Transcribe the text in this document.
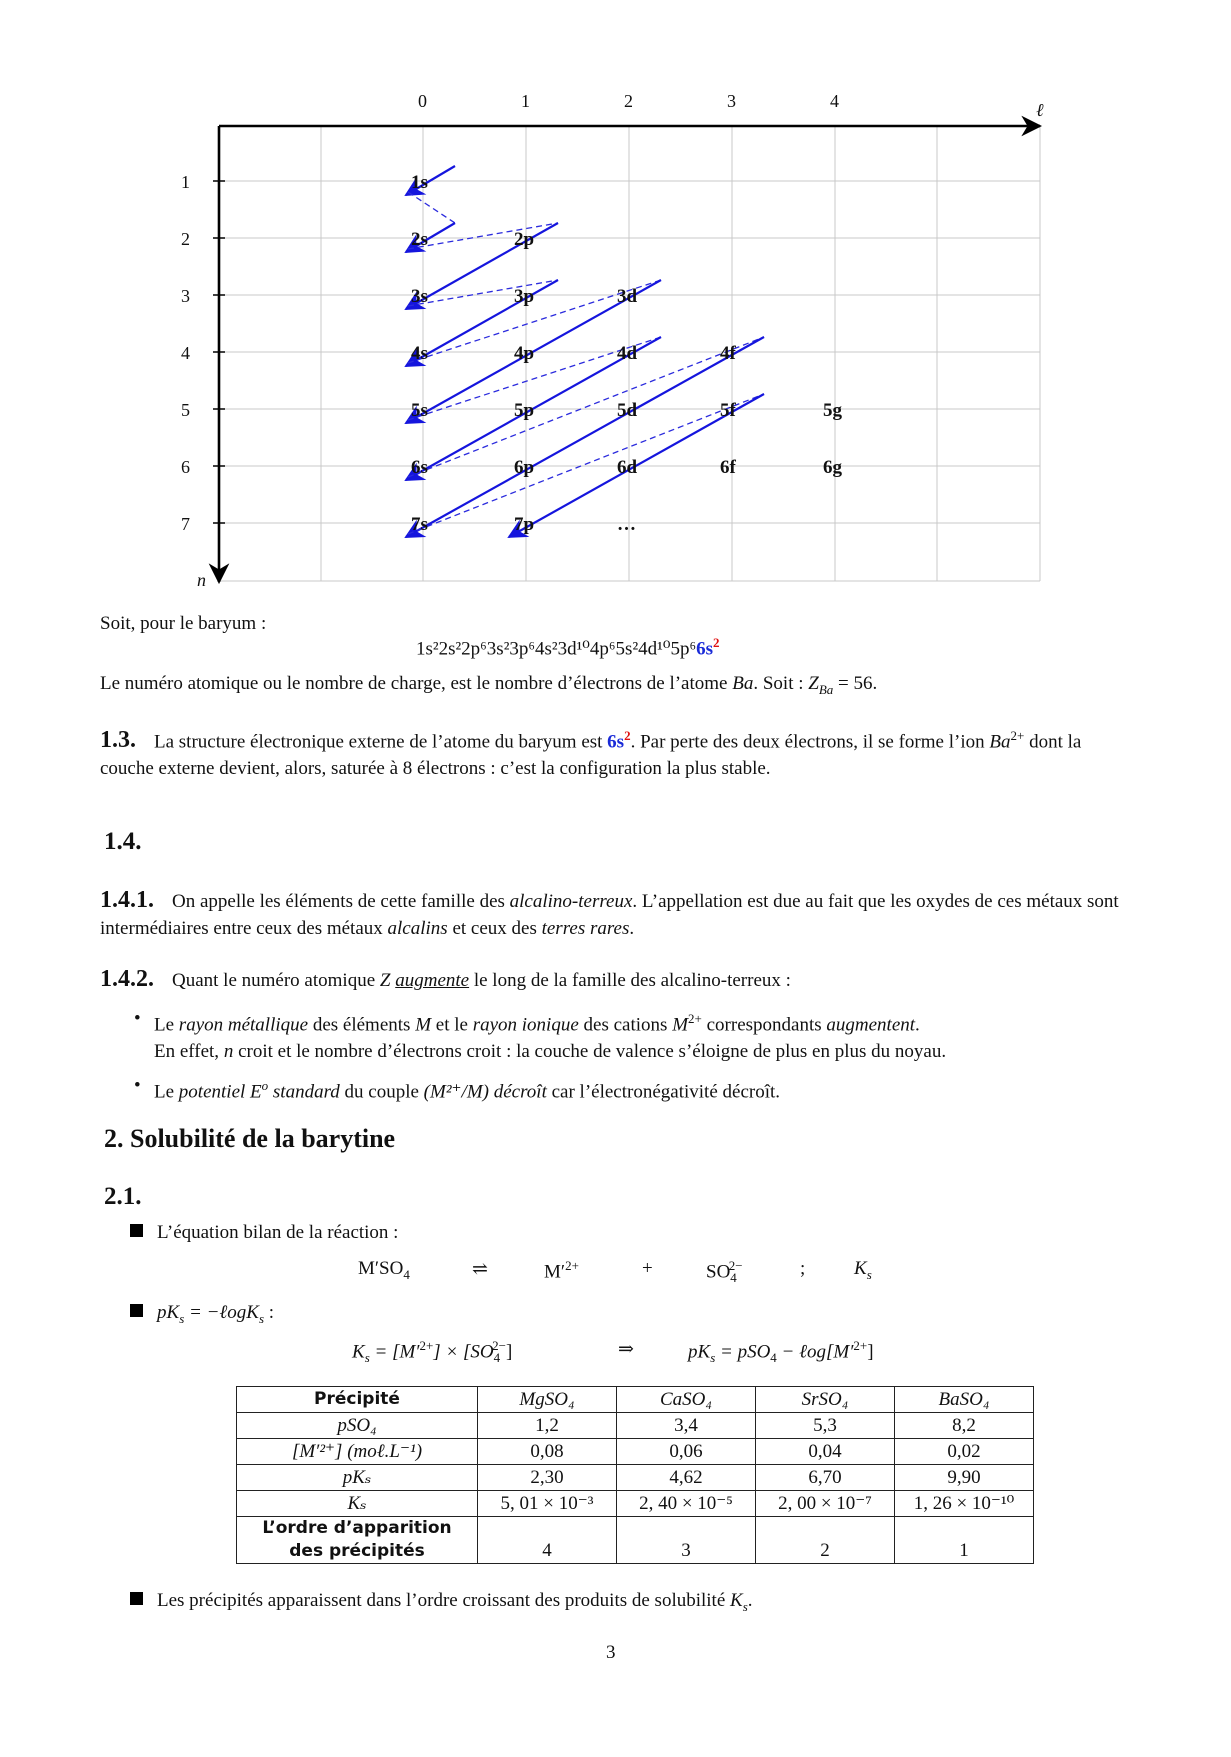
ℓ
n
0	1	2	3	4
1
2
3
4
5
6
7
1s
2s	2p
3s	3p	3d
4s	4p	4d	4f
5s	5p	5d	5f	5g
6s	6p	6d	6f	6g
7s	7p	…
Soit, pour le baryum :
$1s^22s^22p^63s^23p^64s^23d^{10}4p^65s^24d^{10}5p^66s^2$
Le numéro atomique ou le nombre de charge, est le nombre d’électrons de l’atome Ba. Soit : $Z_{Ba} = 56$.
1.3. La structure électronique externe de l’atome du baryum est $6s^2$. Par perte des deux électrons, il se forme l’ion $Ba^{2+}$ dont la couche externe devient, alors, saturée à 8 électrons : c’est la configuration la plus stable.
1.4.
1.4.1. On appelle les éléments de cette famille des alcalino-terreux. L’appellation est due au fait que les oxydes de ces métaux sont intermédiaires entre ceux des métaux alcalins et ceux des terres rares.
1.4.2. Quant le numéro atomique Z augmente le long de la famille des alcalino-terreux :
• Le rayon métallique des éléments M et le rayon ionique des cations $M^{2+}$ correspondants augmentent.
En effet, n croit et le nombre d’électrons croit : la couche de valence s’éloigne de plus en plus du noyau.
• Le potentiel $E^o$ standard du couple (M²⁺/M) décroît car l’électronégativité décroît.
2. Solubilité de la barytine
2.1.
L’équation bilan de la réaction :
$M'SO_4$	⇌	$M'^{2+}$	+	$SO_4^{2-}$	;	$K_s$
$pK_s$ = −ℓogK$_s$ :
$K_s = [M'^{2+}] \times [SO_4^{2-}]$	⇒	$pK_s = pSO_4$ − $\ell og[M'^{2+}]$
Précipité	MgSO₄	CaSO₄	SrSO₄	BaSO₄
pSO₄	1,2	3,4	5,3	8,2
[M′²⁺] (moℓ.L⁻¹)	0,08	0,06	0,04	0,02
pKₛ	2,30	4,62	6,70	9,90
Kₛ	5, 01 × 10⁻³	2, 40 × 10⁻⁵	2, 00 × 10⁻⁷	1, 26 × 10⁻¹⁰
L’ordre d’apparition
des précipités	4	3	2	1
Les précipités apparaissent dans l’ordre croissant des produits de solubilité $K_s$.
3
